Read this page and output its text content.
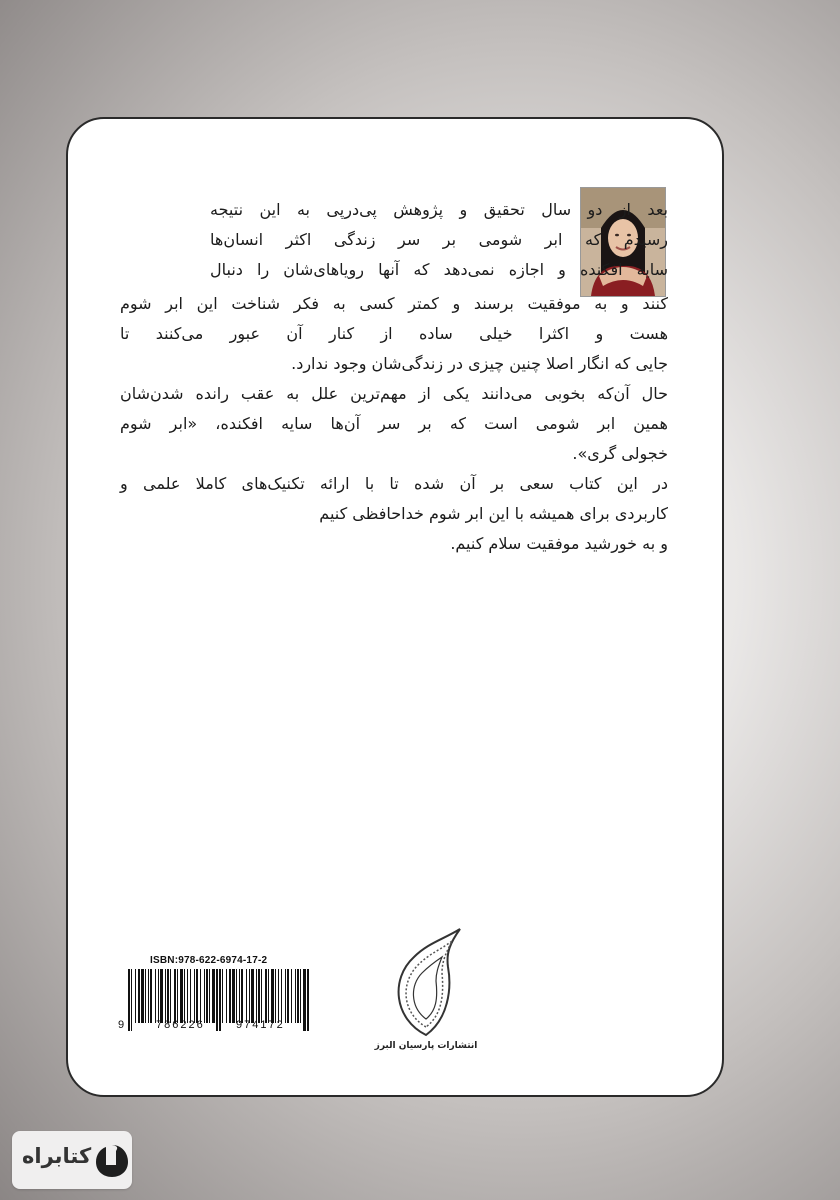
بعد از دو سال تحقیق و پژوهش پی‌درپی به این نتیجه
رسیدم که ابر شومی بر سر زندگی اکثر انسان‌ها
سایه افکنده و اجازه نمی‌دهد که آنها رویاهای‌شان را دنبال
کنند و به موفقیت برسند و کمتر کسی به فکر شناخت این ابر شوم
هست و اکثرا خیلی ساده از کنار آن عبور می‌کنند تا
جایی که انگار اصلا چنین چیزی در زندگی‌شان وجود ندارد.

حال آن‌که بخوبی می‌دانند یکی از مهم‌ترین علل به عقب رانده شدن‌شان
همین ابر شومی است که بر سر آن‌ها سایه افکنده، «ابر شوم
خجولی گری».

در این کتاب سعی بر آن شده تا با ارائه تکنیک‌های کاملا علمی و
کاربردی برای همیشه با این ابر شوم خداحافظی کنیم
و به خورشید موفقیت سلام کنیم.

ISBN:978-622-6974-17-2
9	786226	974172
انتشارات پارسیان البرز
کتابراه
